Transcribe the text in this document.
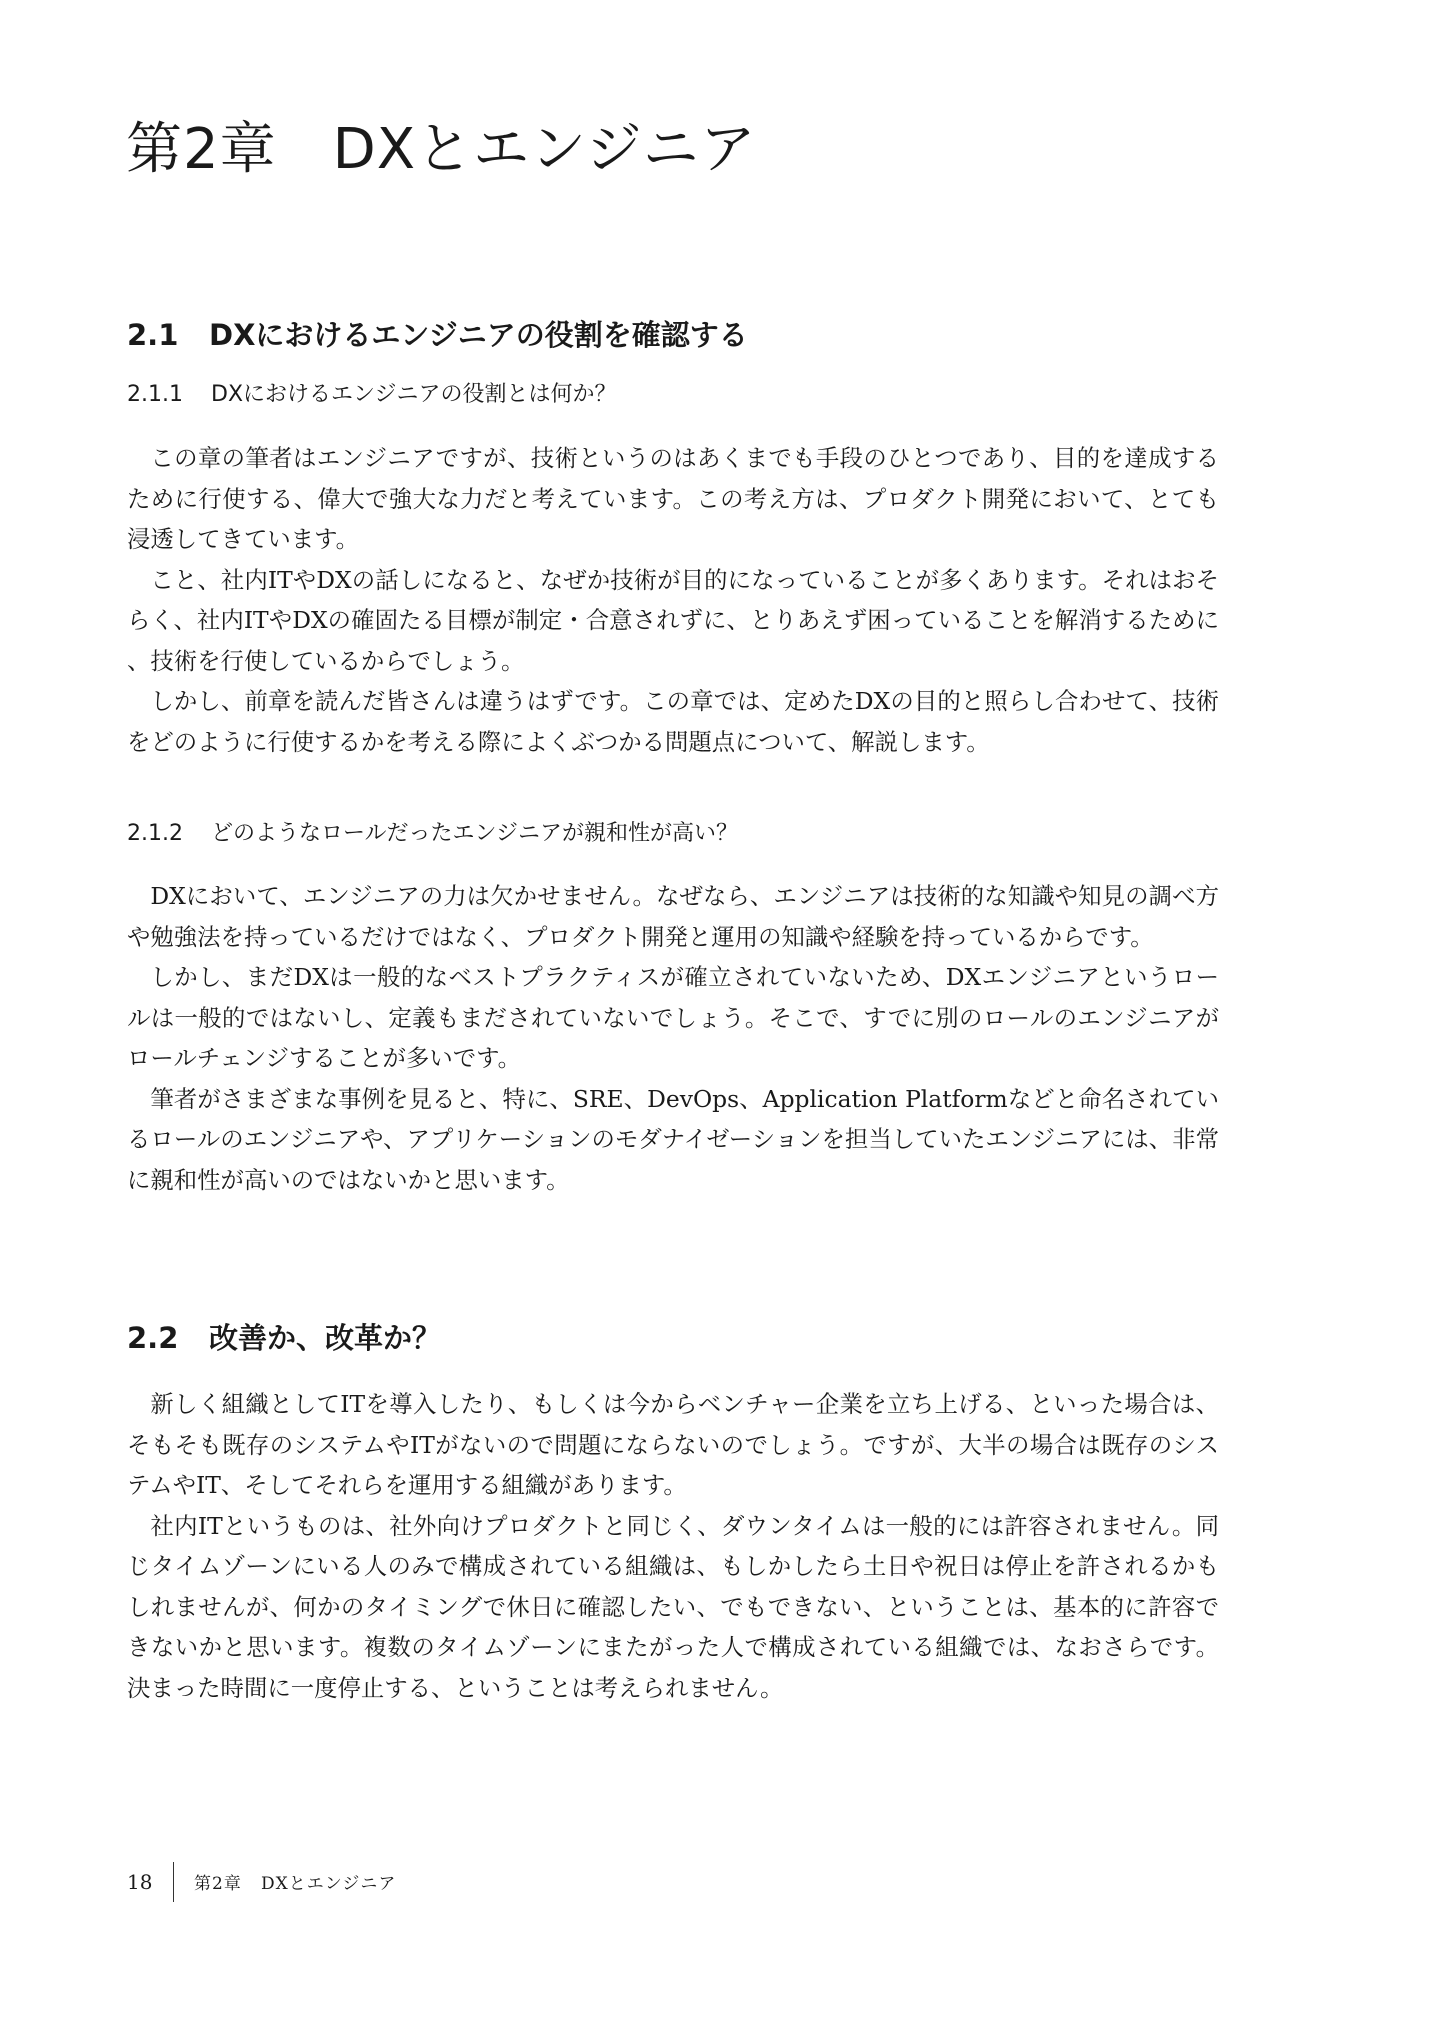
第2章 DXとエンジニア
2.1 DXにおけるエンジニアの役割を確認する
2.1.1 DXにおけるエンジニアの役割とは何か？

この章の筆者はエンジニアですが、技術というのはあくまでも手段のひとつであり、目的を達成するために行使する、偉大で強大な力だと考えています。この考え方は、プロダクト開発において、とても浸透してきています。

こと、社内ITやDXの話しになると、なぜか技術が目的になっていることが多くあります。それはおそらく、社内ITやDXの確固たる目標が制定・合意されずに、とりあえず困っていることを解消するために、技術を行使しているからでしょう。

しかし、前章を読んだ皆さんは違うはずです。この章では、定めたDXの目的と照らし合わせて、技術をどのように行使するかを考える際によくぶつかる問題点について、解説します。

2.1.2 どのようなロールだったエンジニアが親和性が高い？

DXにおいて、エンジニアの力は欠かせません。なぜなら、エンジニアは技術的な知識や知見の調べ方や勉強法を持っているだけではなく、プロダクト開発と運用の知識や経験を持っているからです。

しかし、まだDXは一般的なベストプラクティスが確立されていないため、DXエンジニアというロールは一般的ではないし、定義もまだされていないでしょう。そこで、すでに別のロールのエンジニアがロールチェンジすることが多いです。

筆者がさまざまな事例を見ると、特に、SRE、DevOps、Application Platformなどと命名されているロールのエンジニアや、アプリケーションのモダナイゼーションを担当していたエンジニアには、非常に親和性が高いのではないかと思います。

2.2 改善か、改革か？

新しく組織としてITを導入したり、もしくは今からベンチャー企業を立ち上げる、といった場合は、そもそも既存のシステムやITがないので問題にならないのでしょう。ですが、大半の場合は既存のシステムやIT、そしてそれらを運用する組織があります。

社内ITというものは、社外向けプロダクトと同じく、ダウンタイムは一般的には許容されません。同じタイムゾーンにいる人のみで構成されている組織は、もしかしたら土日や祝日は停止を許されるかもしれませんが、何かのタイミングで休日に確認したい、でもできない、ということは、基本的に許容できないかと思います。複数のタイムゾーンにまたがった人で構成されている組織では、なおさらです。決まった時間に一度停止する、ということは考えられません。

18 第2章 DXとエンジニア
